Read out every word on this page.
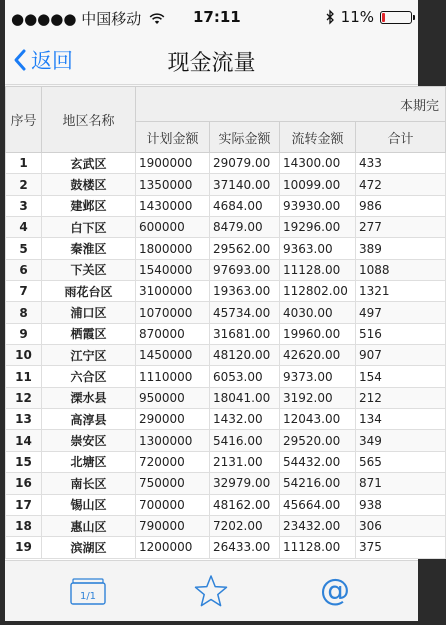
●●●●● 中国移动	17:11	11%
返回	现金流量
序号	地区名称	本期完			
		计划金额	实际金额	流转金额	合计
1	玄武区	1900000	29079.00	14300.00	433
2	鼓楼区	1350000	37140.00	10099.00	472
3	建邺区	1430000	4684.00	93930.00	986
4	白下区	600000	8479.00	19296.00	277
5	秦淮区	1800000	29562.00	9363.00	389
6	下关区	1540000	97693.00	11128.00	1088
7	雨花台区	3100000	19363.00	112802.00	1321
8	浦口区	1070000	45734.00	4030.00	497
9	栖霞区	870000	31681.00	19960.00	516
10	江宁区	1450000	48120.00	42620.00	907
11	六合区	1110000	6053.00	9373.00	154
12	溧水县	950000	18041.00	3192.00	212
13	高淳县	290000	1432.00	12043.00	134
14	崇安区	1300000	5416.00	29520.00	349
15	北塘区	720000	2131.00	54432.00	565
16	南长区	750000	32979.00	54216.00	871
17	锡山区	700000	48162.00	45664.00	938
18	惠山区	790000	7202.00	23432.00	306
19	滨湖区	1200000	26433.00	11128.00	375
1/1	@
